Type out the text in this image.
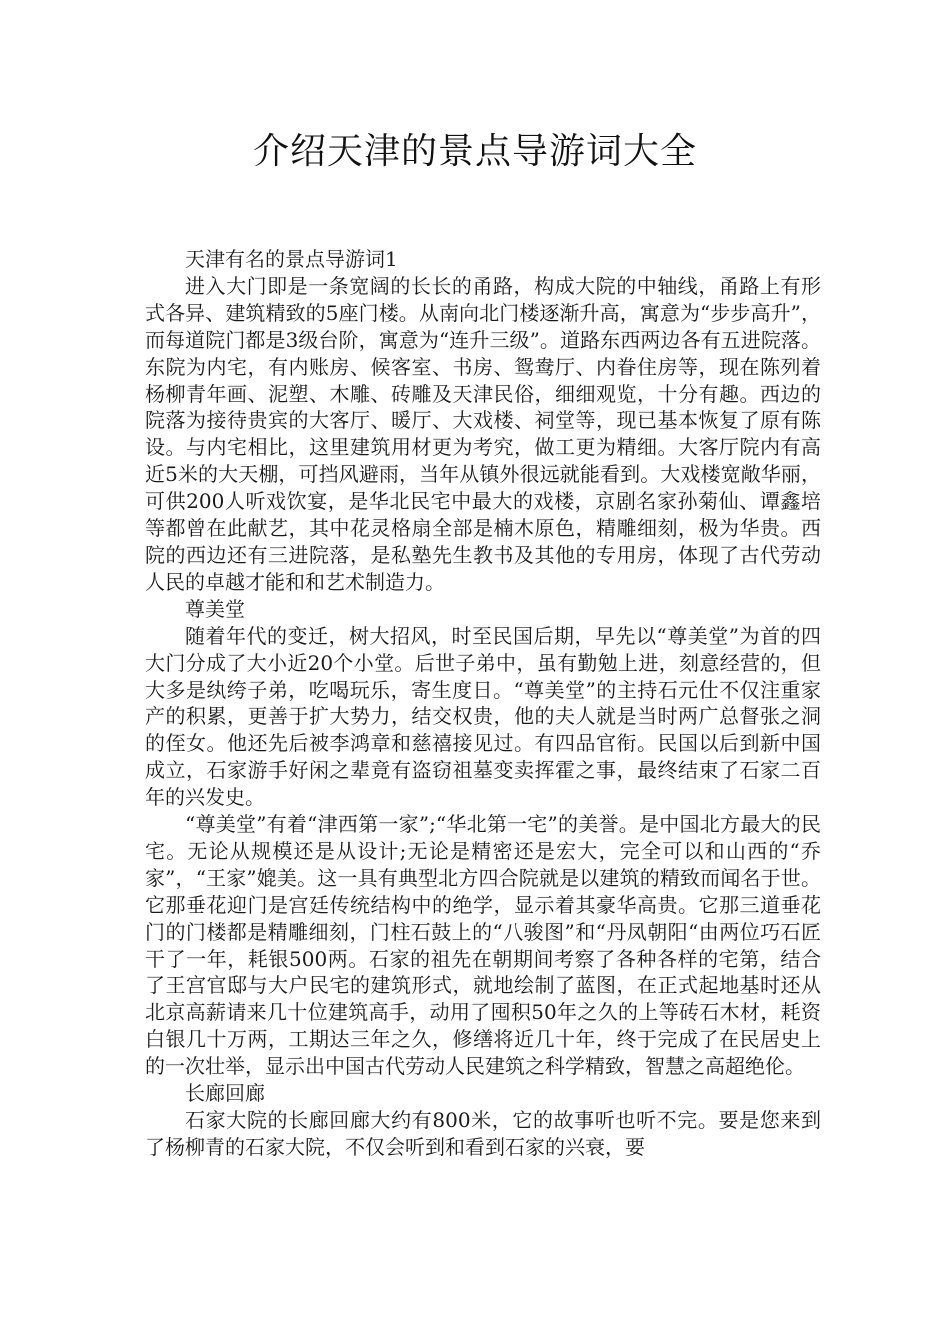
介绍天津的景点导游词大全

天津有名的景点导游词1

进入大门即是一条宽阔的长长的甬路，构成大院的中轴线，甬路上有形式各异、建筑精致的5座门楼。从南向北门楼逐渐升高，寓意为“步步高升”，而每道院门都是3级台阶，寓意为“连升三级”。道路东西两边各有五进院落。东院为内宅，有内账房、候客室、书房、鸳鸯厅、内眷住房等，现在陈列着杨柳青年画、泥塑、木雕、砖雕及天津民俗，细细观览，十分有趣。西边的院落为接待贵宾的大客厅、暖厅、大戏楼、祠堂等，现已基本恢复了原有陈设。与内宅相比，这里建筑用材更为考究，做工更为精细。大客厅院内有高近5米的大天棚，可挡风避雨，当年从镇外很远就能看到。大戏楼宽敞华丽，可供200人听戏饮宴，是华北民宅中最大的戏楼，京剧名家孙菊仙、谭鑫培等都曾在此献艺，其中花灵格扇全部是楠木原色，精雕细刻，极为华贵。西院的西边还有三进院落，是私塾先生教书及其他的专用房，体现了古代劳动人民的卓越才能和和艺术制造力。

尊美堂

随着年代的变迁，树大招风，时至民国后期，早先以“尊美堂”为首的四大门分成了大小近20个小堂。后世子弟中，虽有勤勉上进，刻意经营的，但大多是纨绔子弟，吃喝玩乐，寄生度日。“尊美堂”的主持石元仕不仅注重家产的积累，更善于扩大势力，结交权贵，他的夫人就是当时两广总督张之洞的侄女。他还先后被李鸿章和慈禧接见过。有四品官衔。民国以后到新中国成立，石家游手好闲之辈竟有盗窃祖墓变卖挥霍之事，最终结束了石家二百年的兴发史。

“尊美堂”有着“津西第一家”;“华北第一宅”的美誉。是中国北方最大的民宅。无论从规模还是从设计;无论是精密还是宏大，完全可以和山西的“乔家”，“王家”媲美。这一具有典型北方四合院就是以建筑的精致而闻名于世。它那垂花迎门是宫廷传统结构中的绝学，显示着其豪华高贵。它那三道垂花门的门楼都是精雕细刻，门柱石鼓上的“八骏图”和“丹凤朝阳“由两位巧石匠干了一年，耗银500两。石家的祖先在朝期间考察了各种各样的宅第，结合了王宫官邸与大户民宅的建筑形式，就地绘制了蓝图，在正式起地基时还从北京高薪请来几十位建筑高手，动用了囤积50年之久的上等砖石木材，耗资白银几十万两，工期达三年之久，修缮将近几十年，终于完成了在民居史上的一次壮举，显示出中国古代劳动人民建筑之科学精致，智慧之高超绝伦。

长廊回廊

石家大院的长廊回廊大约有800米，它的故事听也听不完。要是您来到了杨柳青的石家大院，不仅会听到和看到石家的兴衰，要
